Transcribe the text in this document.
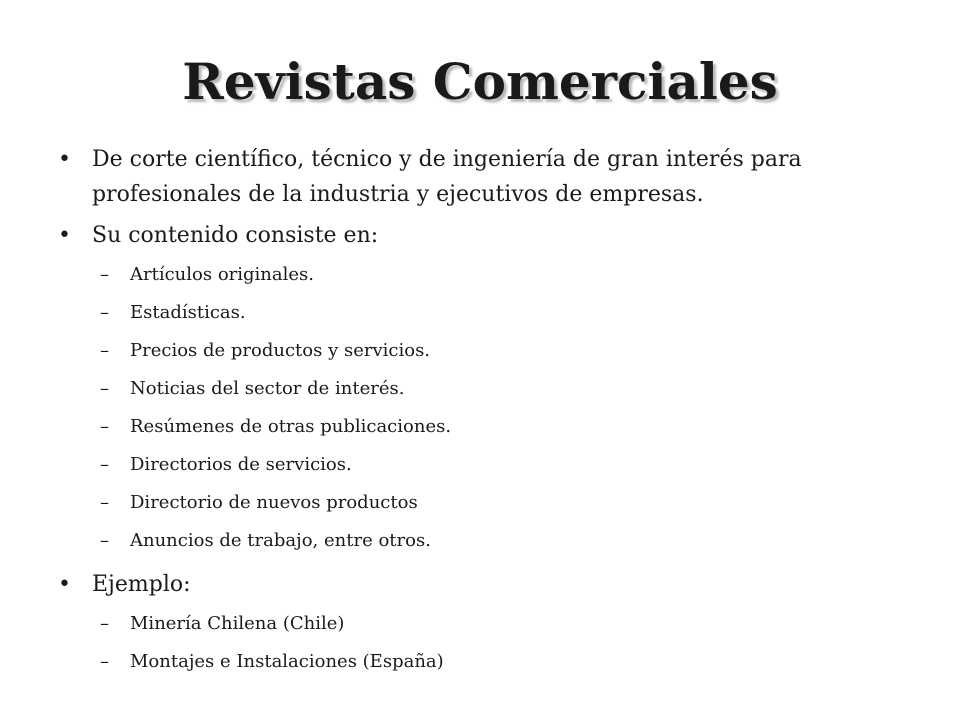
Revistas Comerciales
• De corte científico, técnico y de ingeniería de gran interés para profesionales de la industria y ejecutivos de empresas.
• Su contenido consiste en:
– Artículos originales.
– Estadísticas.
– Precios de productos y servicios.
– Noticias del sector de interés.
– Resúmenes de otras publicaciones.
– Directorios de servicios.
– Directorio de nuevos productos
– Anuncios de trabajo, entre otros.
• Ejemplo:
– Minería Chilena (Chile)
– Montajes e Instalaciones (España)
